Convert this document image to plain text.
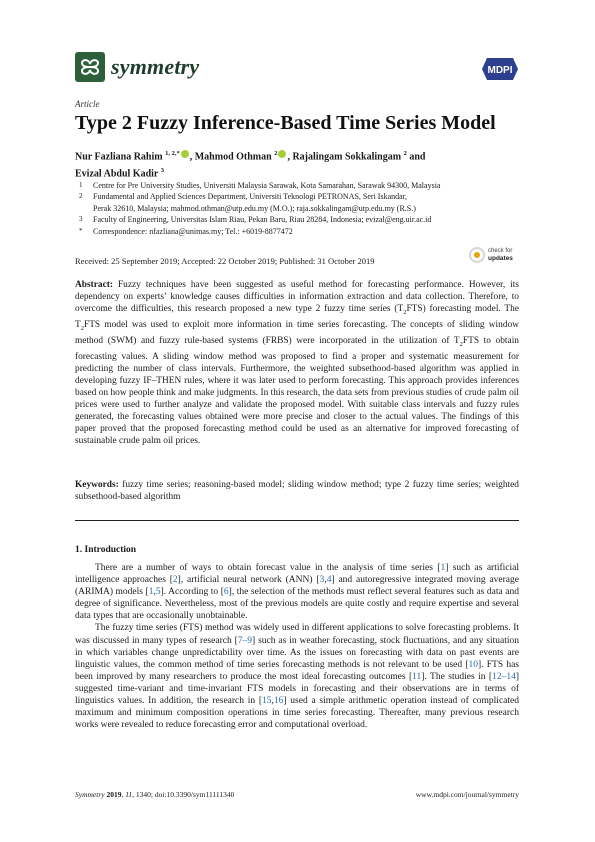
symmetry	MDPI
Article
Type 2 Fuzzy Inference-Based Time Series Model
Nur Fazliana Rahim $^{1, 2,*}$ , Mahmod Othman $^2$ , Rajalingam Sokkalingam $^2$ and
Evizal Abdul Kadir $^3$
1	Centre for Pre University Studies, Universiti Malaysia Sarawak, Kota Samarahan, Sarawak 94300, Malaysia
2	Fundamental and Applied Sciences Department, Universiti Teknologi PETRONAS, Seri Iskandar,
Perak 32610, Malaysia; mahmod.othman@utp.edu.my (M.O.); raja.sokkalingam@utp.edu.my (R.S.)
3	Faculty of Engineering, Universitas Islam Riau, Pekan Baru, Riau 28284, Indonesia; evizal@eng.uir.ac.id
*	Correspondence: nfazliana@unimas.my; Tel.: +6019-8877472
check for
updates
Received: 25 September 2019; Accepted: 22 October 2019; Published: 31 October 2019
Abstract: Fuzzy techniques have been suggested as useful method for forecasting performance. However, its dependency on experts’ knowledge causes difficulties in information extraction and data collection. Therefore, to overcome the difficulties, this research proposed a new type 2 fuzzy time series $(T_2FTS)$ forecasting model. The $T_2FTS$ model was used to exploit more information in time series forecasting. The concepts of sliding window method (SWM) and fuzzy rule-based systems (FRBS) were incorporated in the utilization of $T_2FTS$ to obtain forecasting values. A sliding window method was proposed to find a proper and systematic measurement for predicting the number of class intervals. Furthermore, the weighted subsethood-based algorithm was applied in developing fuzzy IF–THEN rules, where it was later used to perform forecasting. This approach provides inferences based on how people think and make judgments. In this research, the data sets from previous studies of crude palm oil prices were used to further analyze and validate the proposed model. With suitable class intervals and fuzzy rules generated, the forecasting values obtained were more precise and closer to the actual values. The findings of this paper proved that the proposed forecasting method could be used as an alternative for improved forecasting of sustainable crude palm oil prices.
Keywords: fuzzy time series; reasoning-based model; sliding window method; type 2 fuzzy time series; weighted subsethood-based algorithm
1. Introduction

There are a number of ways to obtain forecast value in the analysis of time series [1] such as artificial intelligence approaches [2], artificial neural network (ANN) [3,4] and autoregressive integrated moving average (ARIMA) models [1,5]. According to [6], the selection of the methods must reflect several features such as data and degree of significance. Nevertheless, most of the previous models are quite costly and require expertise and several data types that are occasionally unobtainable.

The fuzzy time series (FTS) method was widely used in different applications to solve forecasting problems. It was discussed in many types of research [7–9] such as in weather forecasting, stock fluctuations, and any situation in which variables change unpredictability over time. As the issues on forecasting with data on past events are linguistic values, the common method of time series forecasting methods is not relevant to be used [10]. FTS has been improved by many researchers to produce the most ideal forecasting outcomes [11]. The studies in [12–14] suggested time-variant and time-invariant FTS models in forecasting and their observations are in terms of linguistics values. In addition, the research in [15,16] used a simple arithmetic operation instead of complicated maximum and minimum composition operations in time series forecasting. Thereafter, many previous research works were revealed to reduce forecasting error and computational overload.

Symmetry 2019, 11, 1340; doi:10.3390/sym11111340	www.mdpi.com/journal/symmetry
